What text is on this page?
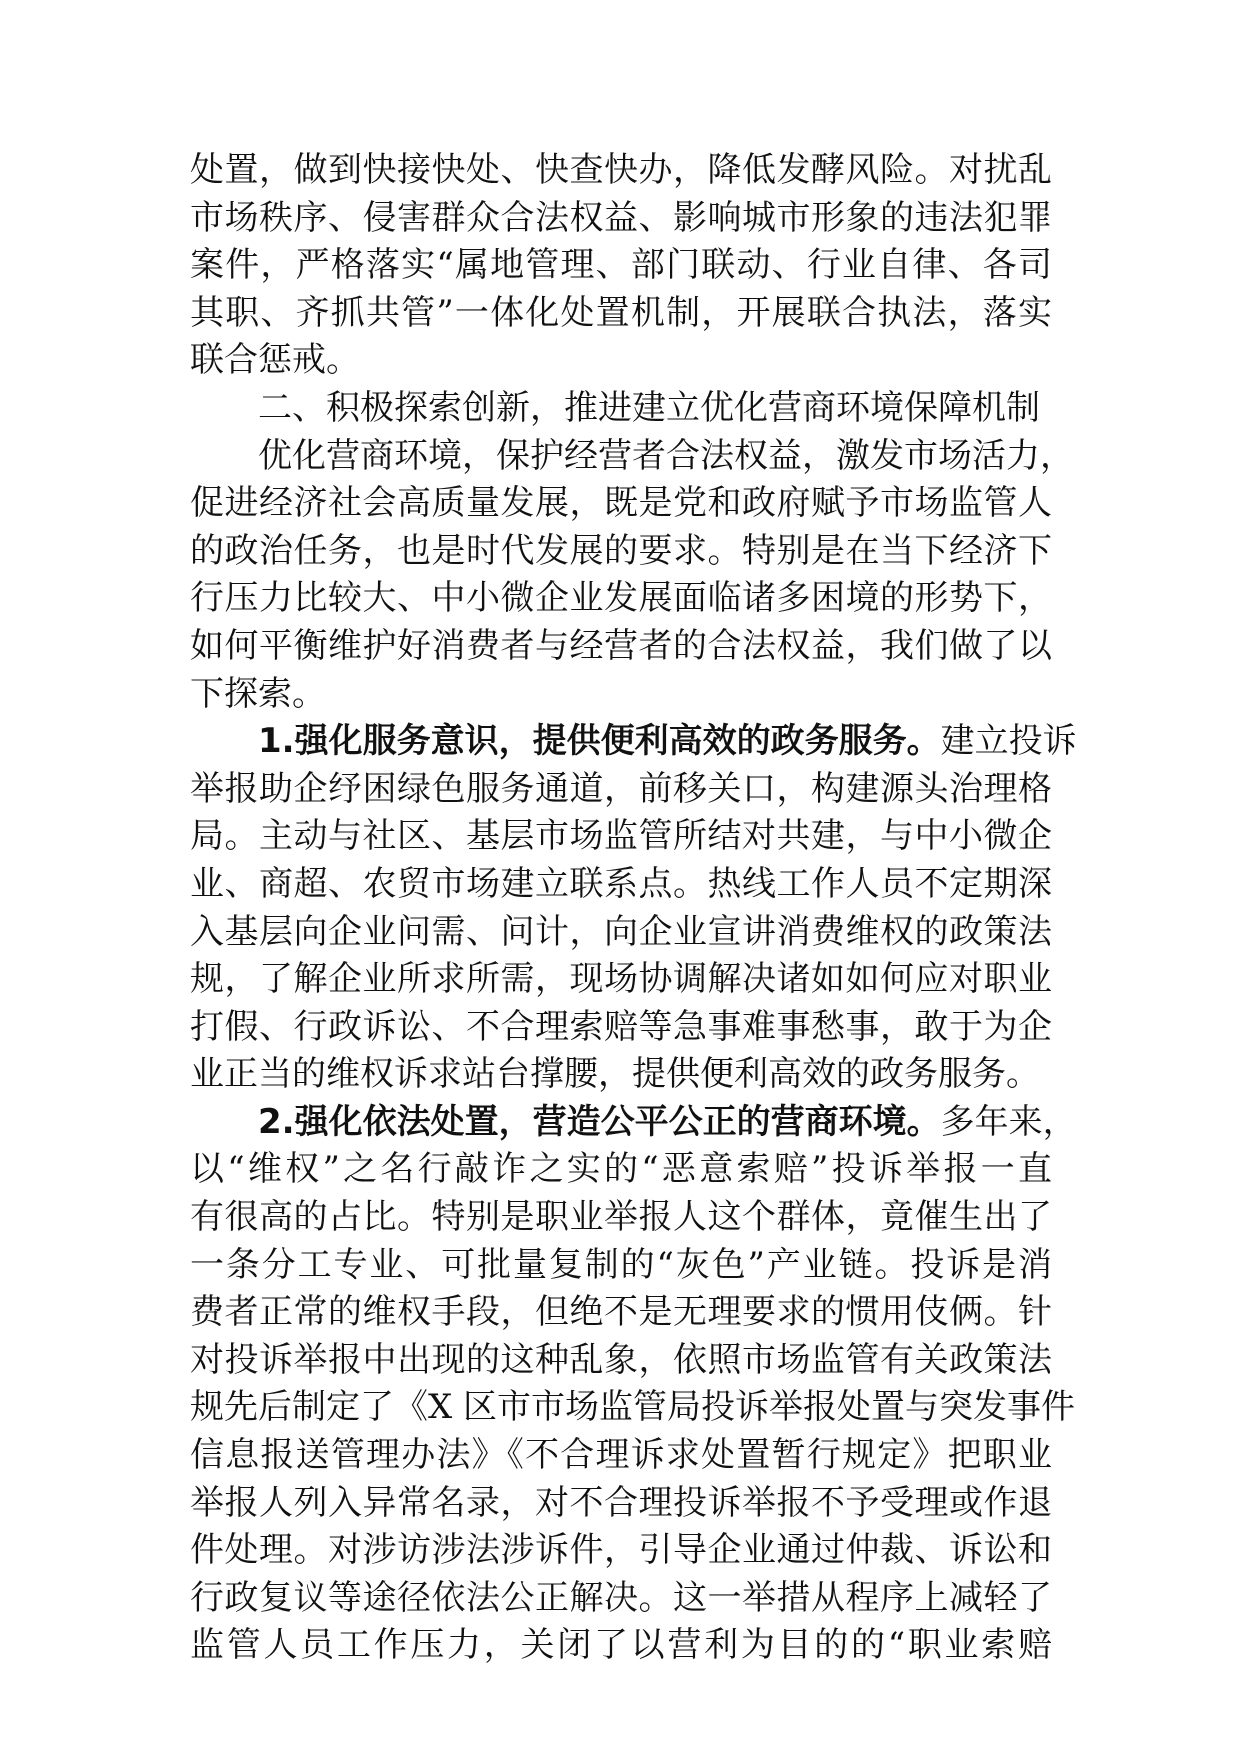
处置，做到快接快处、快查快办，降低发酵风险。对扰乱
市场秩序、侵害群众合法权益、影响城市形象的违法犯罪
案件，严格落实“属地管理、部门联动、行业自律、各司
其职、齐抓共管”一体化处置机制，开展联合执法，落实
联合惩戒。
二、积极探索创新，推进建立优化营商环境保障机制
优化营商环境，保护经营者合法权益，激发市场活力，
促进经济社会高质量发展，既是党和政府赋予市场监管人
的政治任务，也是时代发展的要求。特别是在当下经济下
行压力比较大、中小微企业发展面临诸多困境的形势下，
如何平衡维护好消费者与经营者的合法权益，我们做了以
下探索。
1.强化服务意识，提供便利高效的政务服务。建立投诉
举报助企纾困绿色服务通道，前移关口，构建源头治理格
局。主动与社区、基层市场监管所结对共建，与中小微企
业、商超、农贸市场建立联系点。热线工作人员不定期深
入基层向企业问需、问计，向企业宣讲消费维权的政策法
规，了解企业所求所需，现场协调解决诸如如何应对职业
打假、行政诉讼、不合理索赔等急事难事愁事，敢于为企
业正当的维权诉求站台撑腰，提供便利高效的政务服务。
2.强化依法处置，营造公平公正的营商环境。多年来，
以“维权”之名行敲诈之实的“恶意索赔”投诉举报一直
有很高的占比。特别是职业举报人这个群体，竟催生出了
一条分工专业、可批量复制的“灰色”产业链。投诉是消
费者正常的维权手段，但绝不是无理要求的惯用伎俩。针
对投诉举报中出现的这种乱象，依照市场监管有关政策法
规先后制定了《X 区市市场监管局投诉举报处置与突发事件
信息报送管理办法》《不合理诉求处置暂行规定》把职业
举报人列入异常名录，对不合理投诉举报不予受理或作退
件处理。对涉访涉法涉诉件，引导企业通过仲裁、诉讼和
行政复议等途径依法公正解决。这一举措从程序上减轻了
监管人员工作压力，关闭了以营利为目的的“职业索赔
